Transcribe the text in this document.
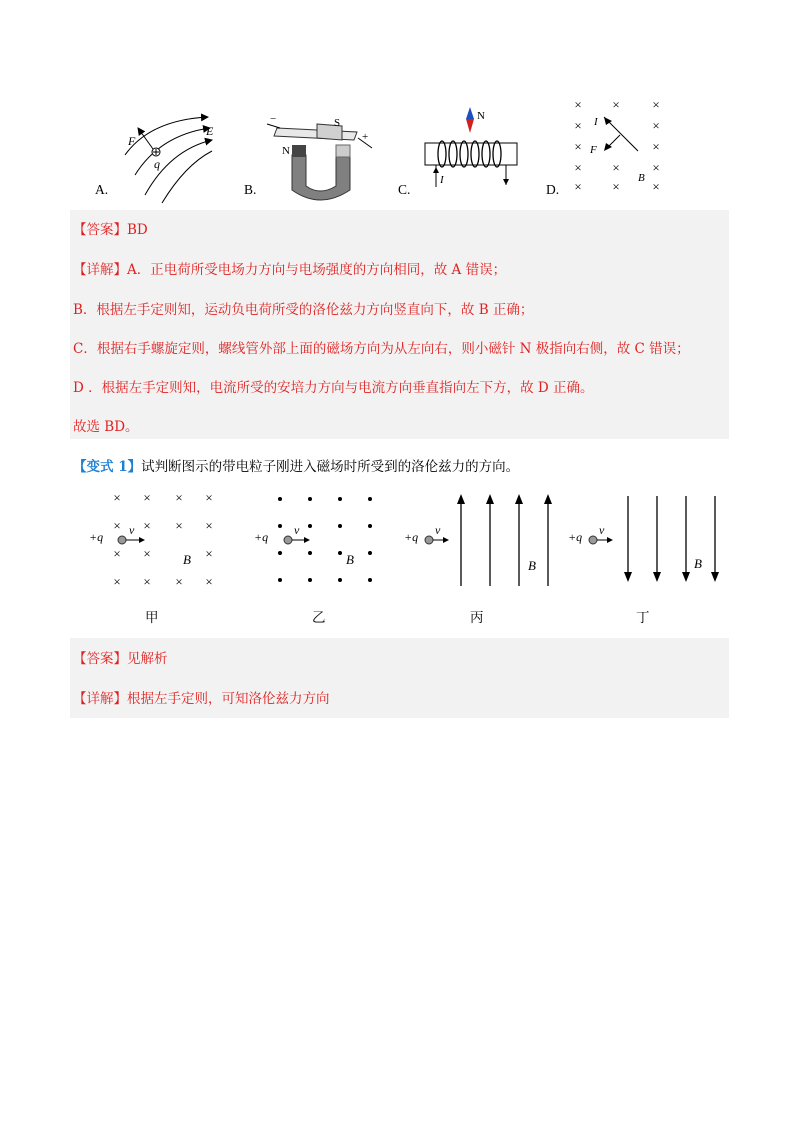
F
q
E
A.
N
S
+
−
B.
N
I
C.
× ×	×
×	×
×	×
× ×	×
× ×	×
I
F
B
D.
【答案】BD
【详解】A．正电荷所受电场力方向与电场强度的方向相同，故 A 错误；
B．根据左手定则知，运动负电荷所受的洛伦兹力方向竖直向下，故 B 正确；
C．根据右手螺旋定则，螺线管外部上面的磁场方向为从左向右，则小磁针 N 极指向右侧，故 C 错误；
D ．根据左手定则知，电流所受的安培力方向与电流方向垂直指向左下方，故 D 正确。
故选 BD。
【变式 1】试判断图示的带电粒子刚进入磁场时所受到的洛伦兹力的方向。
× × × ×
× × × ×
× ×	×
× × × ×
+q v
B
甲
+q v
B
乙
+q v
B
丙
+q v
B
丁
【答案】见解析
【详解】根据左手定则，可知洛伦兹力方向
